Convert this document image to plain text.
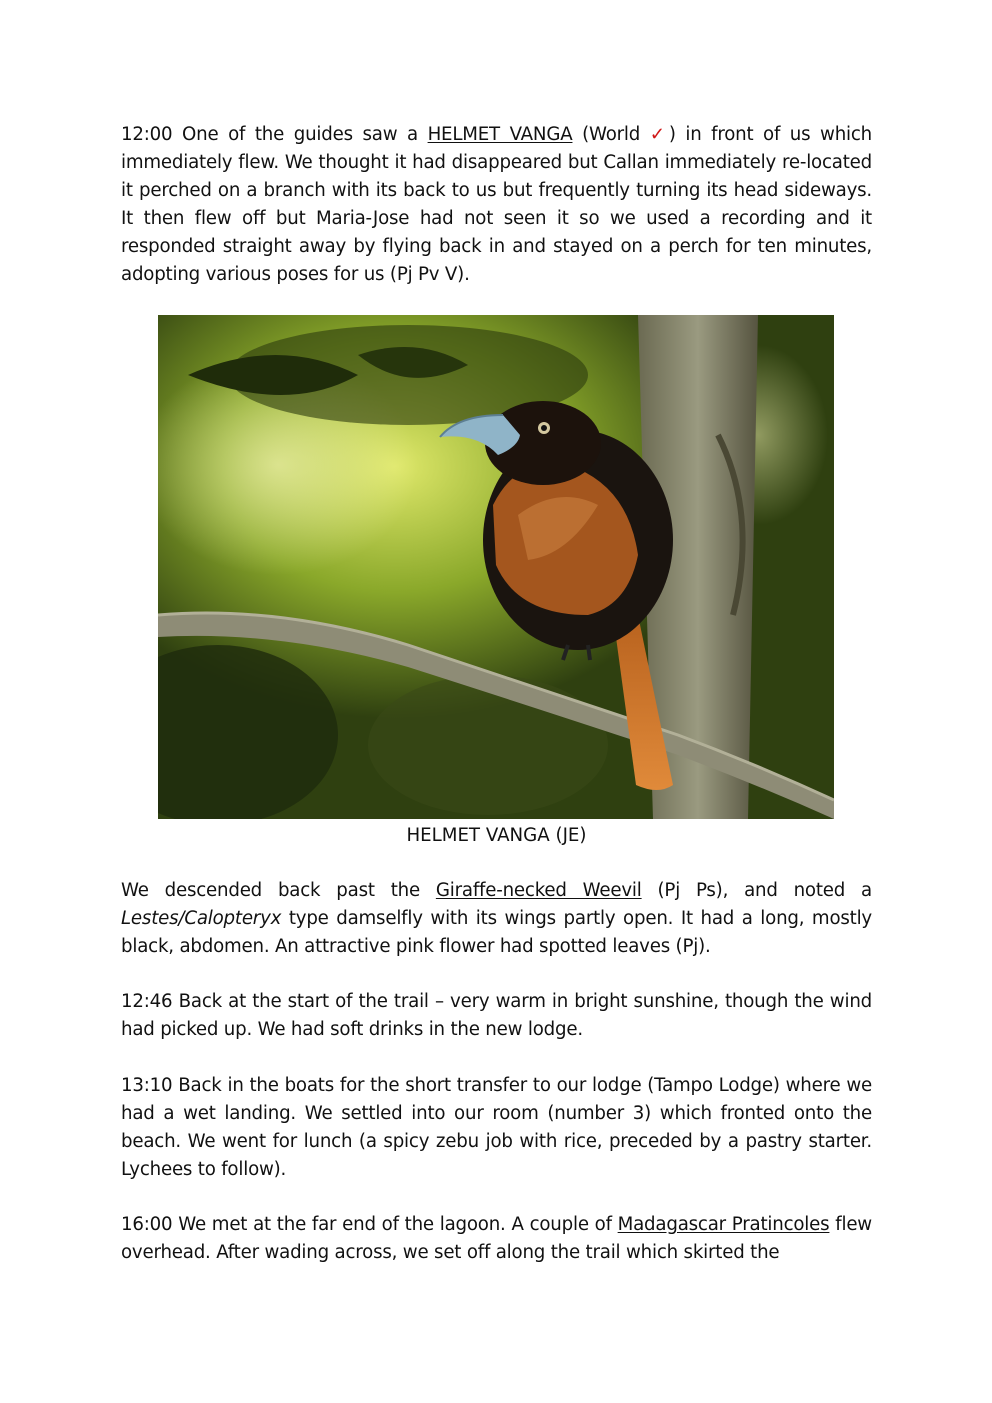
12:00 One of the guides saw a HELMET VANGA (World ✓) in front of us which immediately flew. We thought it had disappeared but Callan immediately re-located it perched on a branch with its back to us but frequently turning its head sideways. It then flew off but Maria-Jose had not seen it so we used a recording and it responded straight away by flying back in and stayed on a perch for ten minutes, adopting various poses for us (Pj Pv V).
HELMET VANGA (JE)
We descended back past the Giraffe-necked Weevil (Pj Ps), and noted a Lestes/Calopteryx type damselfly with its wings partly open. It had a long, mostly black, abdomen. An attractive pink flower had spotted leaves (Pj).
12:46 Back at the start of the trail – very warm in bright sunshine, though the wind had picked up. We had soft drinks in the new lodge.
13:10 Back in the boats for the short transfer to our lodge (Tampo Lodge) where we had a wet landing. We settled into our room (number 3) which fronted onto the beach. We went for lunch (a spicy zebu job with rice, preceded by a pastry starter. Lychees to follow).
16:00 We met at the far end of the lagoon. A couple of Madagascar Pratincoles flew overhead. After wading across, we set off along the trail which skirted the
